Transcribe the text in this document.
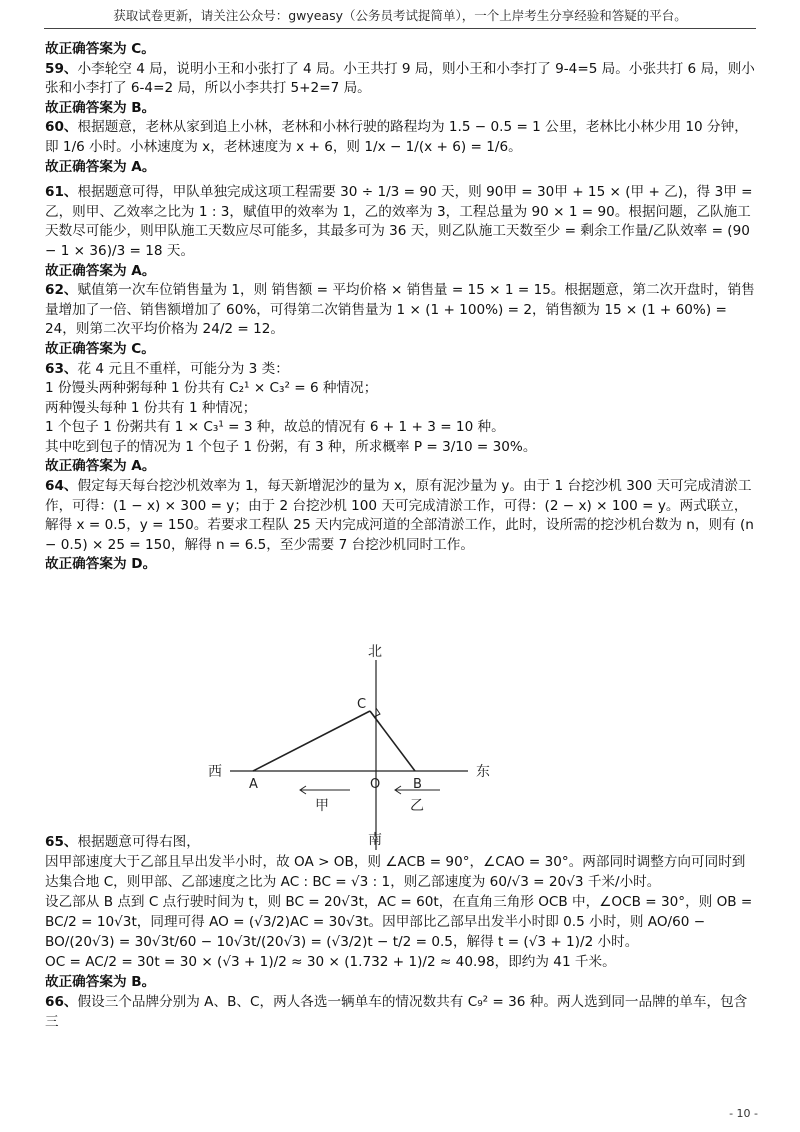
获取试卷更新，请关注公众号：gwyeasy（公务员考试捉简单），一个上岸考生分享经验和答疑的平台。

故正确答案为 C。

59、小李轮空 4 局，说明小王和小张打了 4 局。小王共打 9 局，则小王和小李打了 9-4=5 局。小张共打 6 局，则小张和小李打了 6-4=2 局，所以小李共打 5+2=7 局。

故正确答案为 B。

60、根据题意，老林从家到追上小林，老林和小林行驶的路程均为 1.5 − 0.5 = 1 公里，老林比小林少用 10 分钟，即 1/6 小时。小林速度为 x，老林速度为 x + 6，则 1/x − 1/(x + 6) = 1/6。

故正确答案为 A。

61、根据题意可得，甲队单独完成这项工程需要 30 ÷ 1/3 = 90 天，则 90甲 = 30甲 + 15 × (甲 + 乙)，得 3甲 = 乙，则甲、乙效率之比为 1 : 3，赋值甲的效率为 1，乙的效率为 3，工程总量为 90 × 1 = 90。根据问题，乙队施工天数尽可能少，则甲队施工天数应尽可能多，其最多可为 36 天，则乙队施工天数至少 = 剩余工作量/乙队效率 = (90 − 1 × 36)/3 = 18 天。

故正确答案为 A。

62、赋值第一次车位销售量为 1，则 销售额 = 平均价格 × 销售量 = 15 × 1 = 15。根据题意，第二次开盘时，销售量增加了一倍、销售额增加了 60%，可得第二次销售量为 1 × (1 + 100%) = 2，销售额为 15 × (1 + 60%) = 24，则第二次平均价格为 24/2 = 12。

故正确答案为 C。

63、花 4 元且不重样，可能分为 3 类：

1 份馒头两种粥每种 1 份共有 C₂¹ × C₃² = 6 种情况；

两种馒头每种 1 份共有 1 种情况；

1 个包子 1 份粥共有 1 × C₃¹ = 3 种，故总的情况有 6 + 1 + 3 = 10 种。

其中吃到包子的情况为 1 个包子 1 份粥，有 3 种，所求概率 P = 3/10 = 30%。

故正确答案为 A。

64、假定每天每台挖沙机效率为 1，每天新增泥沙的量为 x，原有泥沙量为 y。由于 1 台挖沙机 300 天可完成清淤工作，可得：(1 − x) × 300 = y；由于 2 台挖沙机 100 天可完成清淤工作，可得：(2 − x) × 100 = y。两式联立，解得 x = 0.5，y = 150。若要求工程队 25 天内完成河道的全部清淤工作，此时，设所需的挖沙机台数为 n，则有 (n − 0.5) × 25 = 150，解得 n = 6.5，至少需要 7 台挖沙机同时工作。

故正确答案为 D。

北
南
东
西
A	B
C
O
甲	乙

65、根据题意可得右图，

因甲部速度大于乙部且早出发半小时，故 OA > OB，则 ∠ACB = 90°，∠CAO = 30°。两部同时调整方向可同时到达集合地 C，则甲部、乙部速度之比为 AC : BC = √3 : 1，则乙部速度为 60/√3 = 20√3 千米/小时。

设乙部从 B 点到 C 点行驶时间为 t，则 BC = 20√3t，AC = 60t，在直角三角形 OCB 中，∠OCB = 30°，则 OB = BC/2 = 10√3t，同理可得 AO = (√3/2)AC = 30√3t。因甲部比乙部早出发半小时即 0.5 小时，则 AO/60 − BO/(20√3) = 30√3t/60 − 10√3t/(20√3) = (√3/2)t − t/2 = 0.5，解得 t = (√3 + 1)/2 小时。

OC = AC/2 = 30t = 30 × (√3 + 1)/2 ≈ 30 × (1.732 + 1)/2 ≈ 40.98，即约为 41 千米。

故正确答案为 B。

66、假设三个品牌分别为 A、B、C，两人各选一辆单车的情况数共有 C₉² = 36 种。两人选到同一品牌的单车，包含三

- 10 -
